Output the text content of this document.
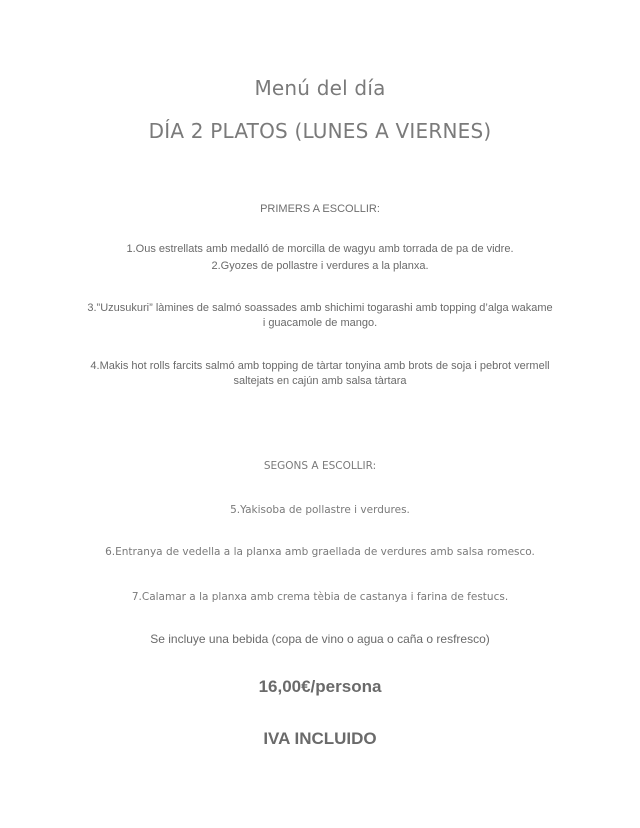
Menú del día
DÍA 2 PLATOS (LUNES A VIERNES)
PRIMERS A ESCOLLIR:
1.Ous estrellats amb medalló de morcilla de wagyu amb torrada de pa de vidre.
2.Gyozes de pollastre i verdures a la planxa.
3.”Uzusukuri” làmines de salmó soassades amb shichimi togarashi amb topping d’alga wakame
i guacamole de mango.
4.Makis hot rolls farcits salmó amb topping de tàrtar tonyina amb brots de soja i pebrot vermell
saltejats en cajún amb salsa tàrtara
SEGONS A ESCOLLIR:
5.Yakisoba de pollastre i verdures.
6.Entranya de vedella a la planxa amb graellada de verdures amb salsa romesco.
7.Calamar a la planxa amb crema tèbia de castanya i farina de festucs.
Se incluye una bebida (copa de vino o agua o caña o resfresco)
16,00€/persona
IVA INCLUIDO
